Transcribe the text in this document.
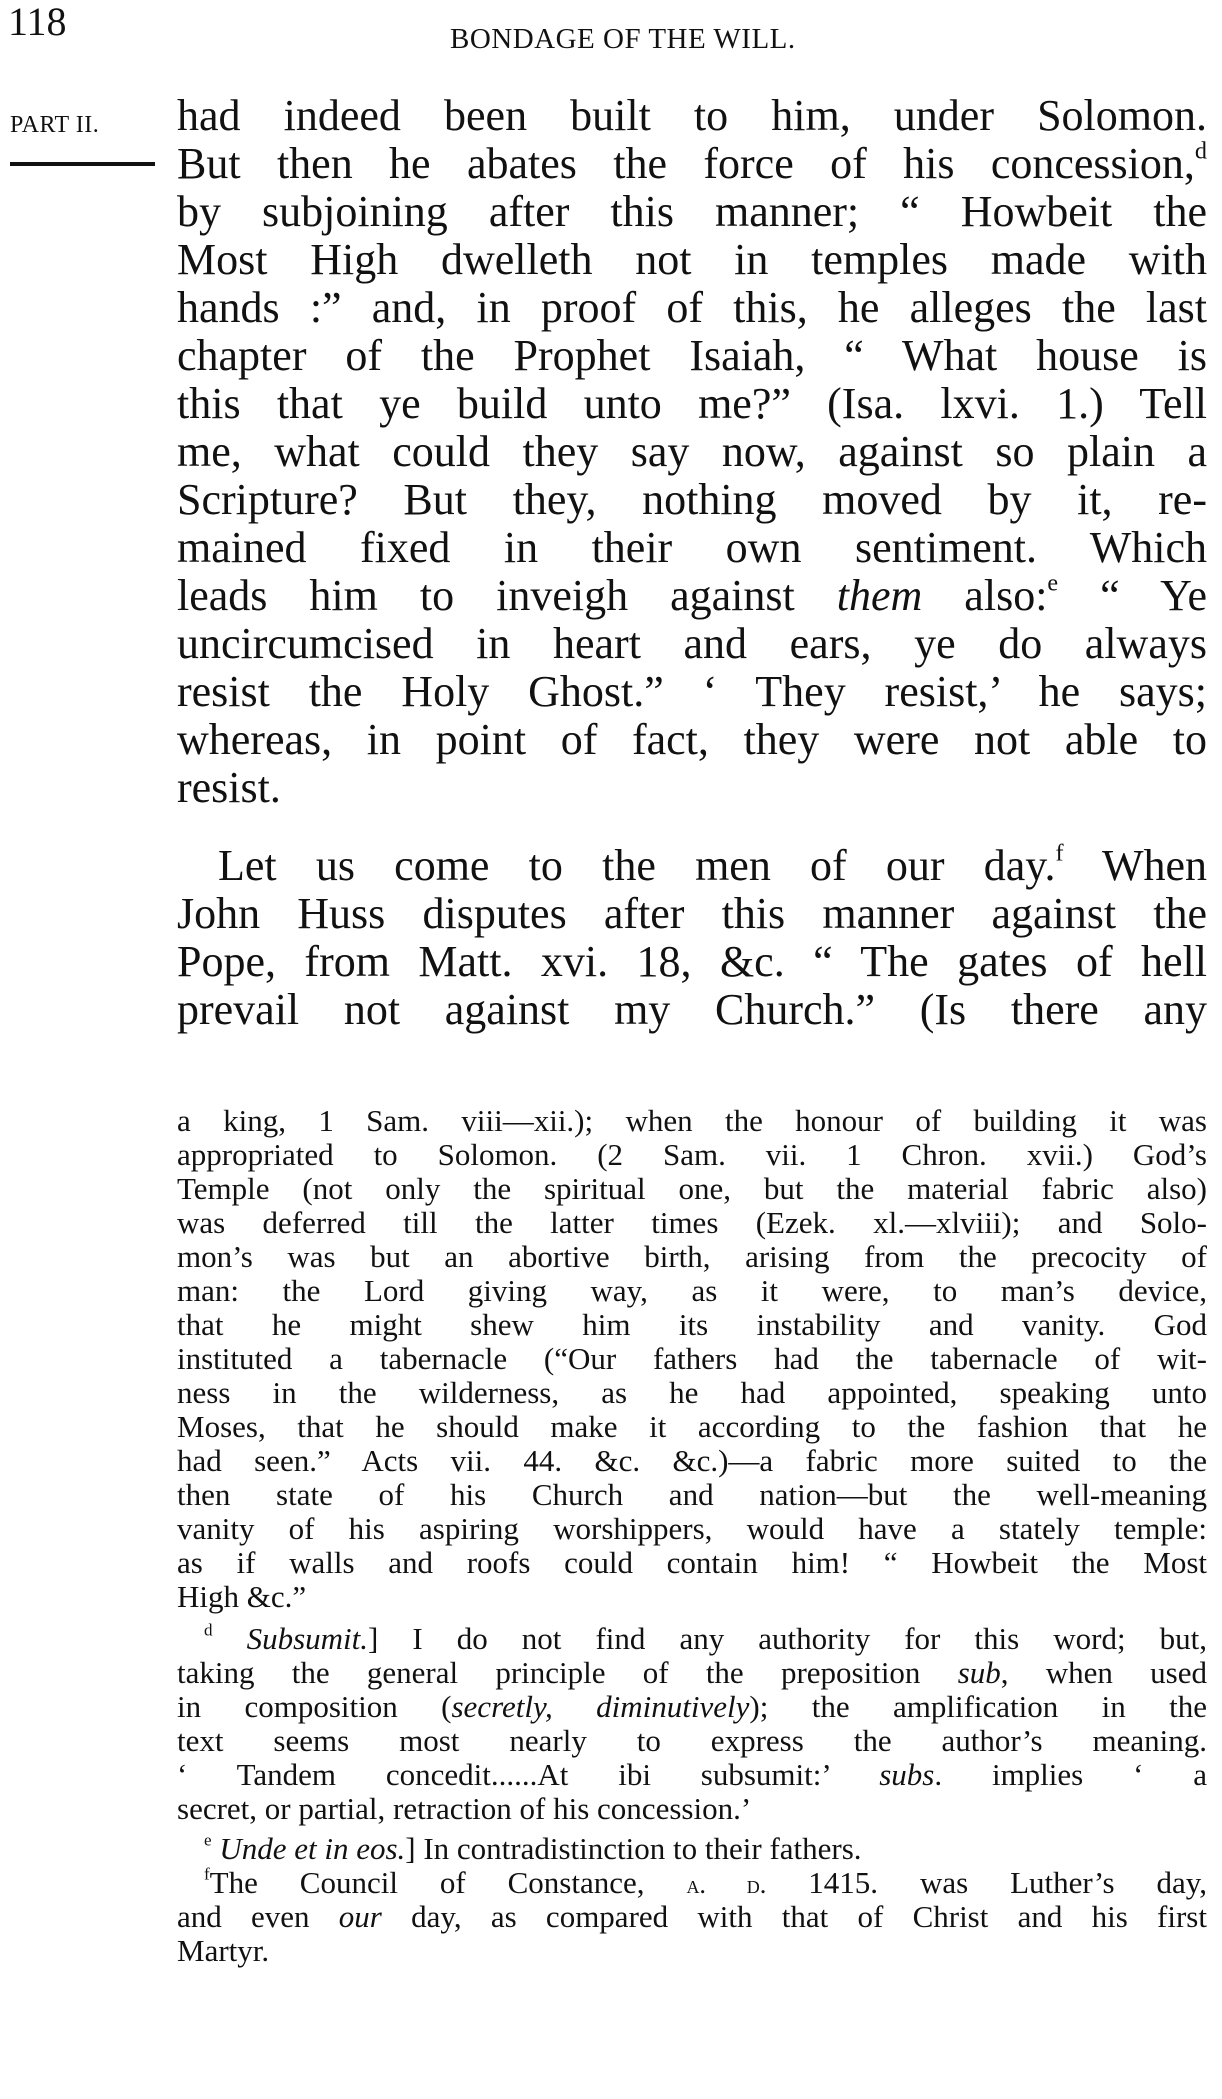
118	BONDAGE OF THE WILL.
PART II. had indeed been built to him, under Solomon.
But then he abates the force of his concession,$^d$
by subjoining after this manner; “ Howbeit the
Most High dwelleth not in temples made with
hands :” and, in proof of this, he alleges the last
chapter of the Prophet Isaiah, “ What house is
this that ye build unto me?” (Isa. lxvi. 1.) Tell
me, what could they say now, against so plain a
Scripture? But they, nothing moved by it, re-
mained fixed in their own sentiment. Which
leads him to inveigh against them also:$^e$ “ Ye
uncircumcised in heart and ears, ye do always
resist the Holy Ghost.” ‘ They resist,’ he says;
whereas, in point of fact, they were not able to
resist.
Let us come to the men of our day.$^f$ When
John Huss disputes after this manner against the
Pope, from Matt. xvi. 18, &c. “ The gates of hell
prevail not against my Church.” (Is there any
a king, 1 Sam. viii—xii.); when the honour of building it was
appropriated to Solomon. (2 Sam. vii. 1 Chron. xvii.) God’s
Temple (not only the spiritual one, but the material fabric also)
was deferred till the latter times (Ezek. xl.—xlviii); and Solo-
mon’s was but an abortive birth, arising from the precocity of
man: the Lord giving way, as it were, to man’s device,
that he might shew him its instability and vanity. God
instituted a tabernacle (“Our fathers had the tabernacle of wit-
ness in the wilderness, as he had appointed, speaking unto
Moses, that he should make it according to the fashion that he
had seen.” Acts vii. 44. &c. &c.)—a fabric more suited to the
then state of his Church and nation—but the well-meaning
vanity of his aspiring worshippers, would have a stately temple:
as if walls and roofs could contain him! “ Howbeit the Most
High &c.”
$^d$ Subsumit.] I do not find any authority for this word; but,
taking the general principle of the preposition sub, when used
in composition (secretly, diminutively); the amplification in the
text seems most nearly to express the author’s meaning.
‘ Tandem concedit......At ibi subsumit:’ subs. implies ‘ a
secret, or partial, retraction of his concession.’
$^e$ Unde et in eos.] In contradistinction to their fathers.
$^f$The Council of Constance, a. d. 1415. was Luther’s day,
and even our day, as compared with that of Christ and his first
Martyr.
